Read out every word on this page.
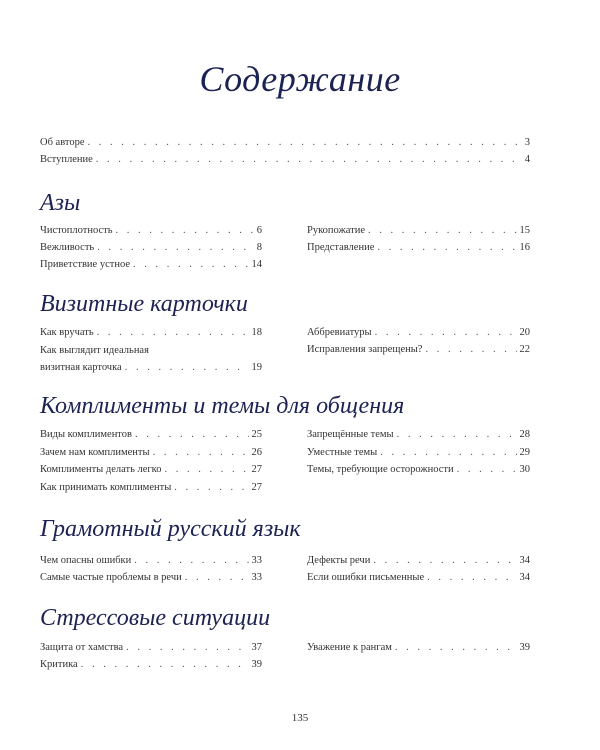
Содержание
Об авторе . . .	3
Вступление . . .	4
Азы
Чистоплотность . . .	6
Вежливость . . .	8
Приветствие устное . . .	14
Рукопожатие . . .	15
Представление . . .	16
Визитные карточки
Как вручать . . .	18
Как выглядит идеальная
визитная карточка . . .	19
Аббревиатуры . . .	20
Исправления запрещены? . . .	22
Комплименты и темы для общения
Виды комплиментов . . .	25
Зачем нам комплименты . . .	26
Комплименты делать легко . . .	27
Как принимать комплименты . . .	27
Запрещённые темы . . .	28
Уместные темы . . .	29
Темы, требующие осторожности . . .	30
Грамотный русский язык
Чем опасны ошибки . . .	33
Самые частые проблемы в речи . . .	33
Дефекты речи . . .	34
Если ошибки письменные . . .	34
Стрессовые ситуации
Защита от хамства . . .	37
Критика . . .	39
Уважение к рангам . . .	39
135
